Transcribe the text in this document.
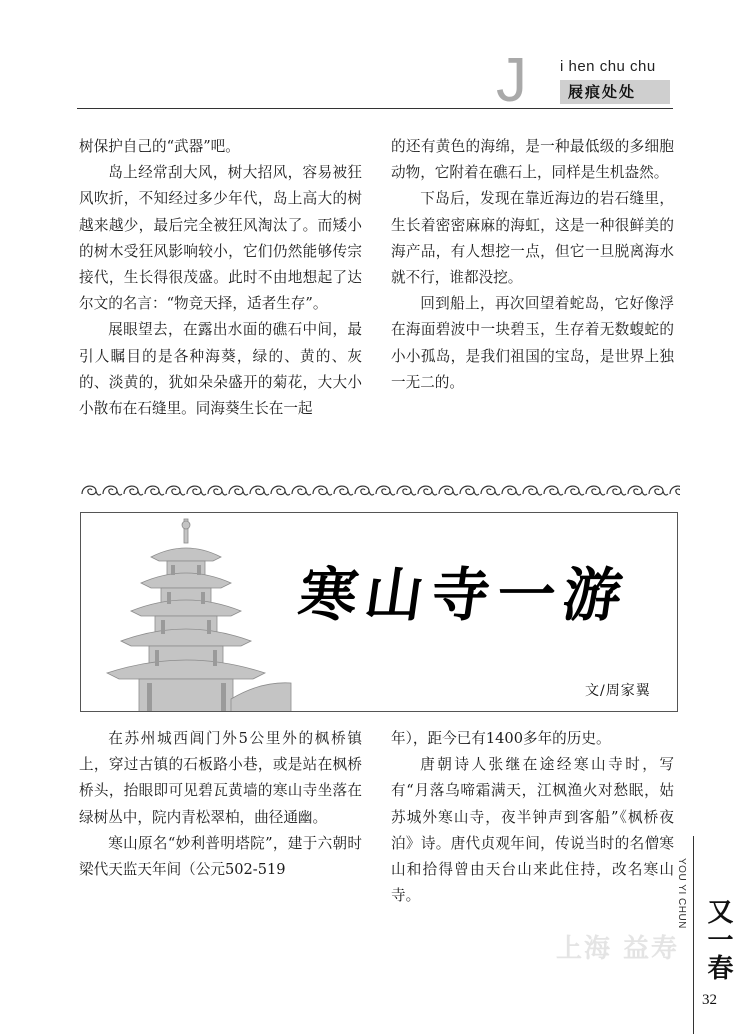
J i hen chu chu
屐痕处处

树保护自己的“武器”吧。

岛上经常刮大风，树大招风，容易被狂风吹折，不知经过多少年代，岛上高大的树越来越少，最后完全被狂风淘汰了。而矮小的树木受狂风影响较小，它们仍然能够传宗接代，生长得很茂盛。此时不由地想起了达尔文的名言：“物竞天择，适者生存”。

展眼望去，在露出水面的礁石中间，最引人瞩目的是各种海葵，绿的、黄的、灰的、淡黄的，犹如朵朵盛开的菊花，大大小小散布在石缝里。同海葵生长在一起

的还有黄色的海绵，是一种最低级的多细胞动物，它附着在礁石上，同样是生机盎然。

下岛后，发现在靠近海边的岩石缝里，生长着密密麻麻的海虹，这是一种很鲜美的海产品，有人想挖一点，但它一旦脱离海水就不行，谁都没挖。

回到船上，再次回望着蛇岛，它好像浮在海面碧波中一块碧玉，生存着无数蝮蛇的小小孤岛，是我们祖国的宝岛，是世界上独一无二的。

寒山寺一游
文/周家翼

在苏州城西阊门外5公里外的枫桥镇上，穿过古镇的石板路小巷，或是站在枫桥桥头，抬眼即可见碧瓦黄墙的寒山寺坐落在绿树丛中，院内青松翠柏，曲径通幽。

寒山原名“妙利普明塔院”，建于六朝时梁代天监天年间（公元502-519

年），距今已有1400多年的历史。

唐朝诗人张继在途经寒山寺时，写有“月落乌啼霜满天，江枫渔火对愁眠，姑苏城外寒山寺，夜半钟声到客船”《枫桥夜泊》诗。唐代贞观年间，传说当时的名僧寒山和拾得曾由天台山来此住持，改名寒山寺。	YOU YI CHUN
上海 益寿 又一春
32
